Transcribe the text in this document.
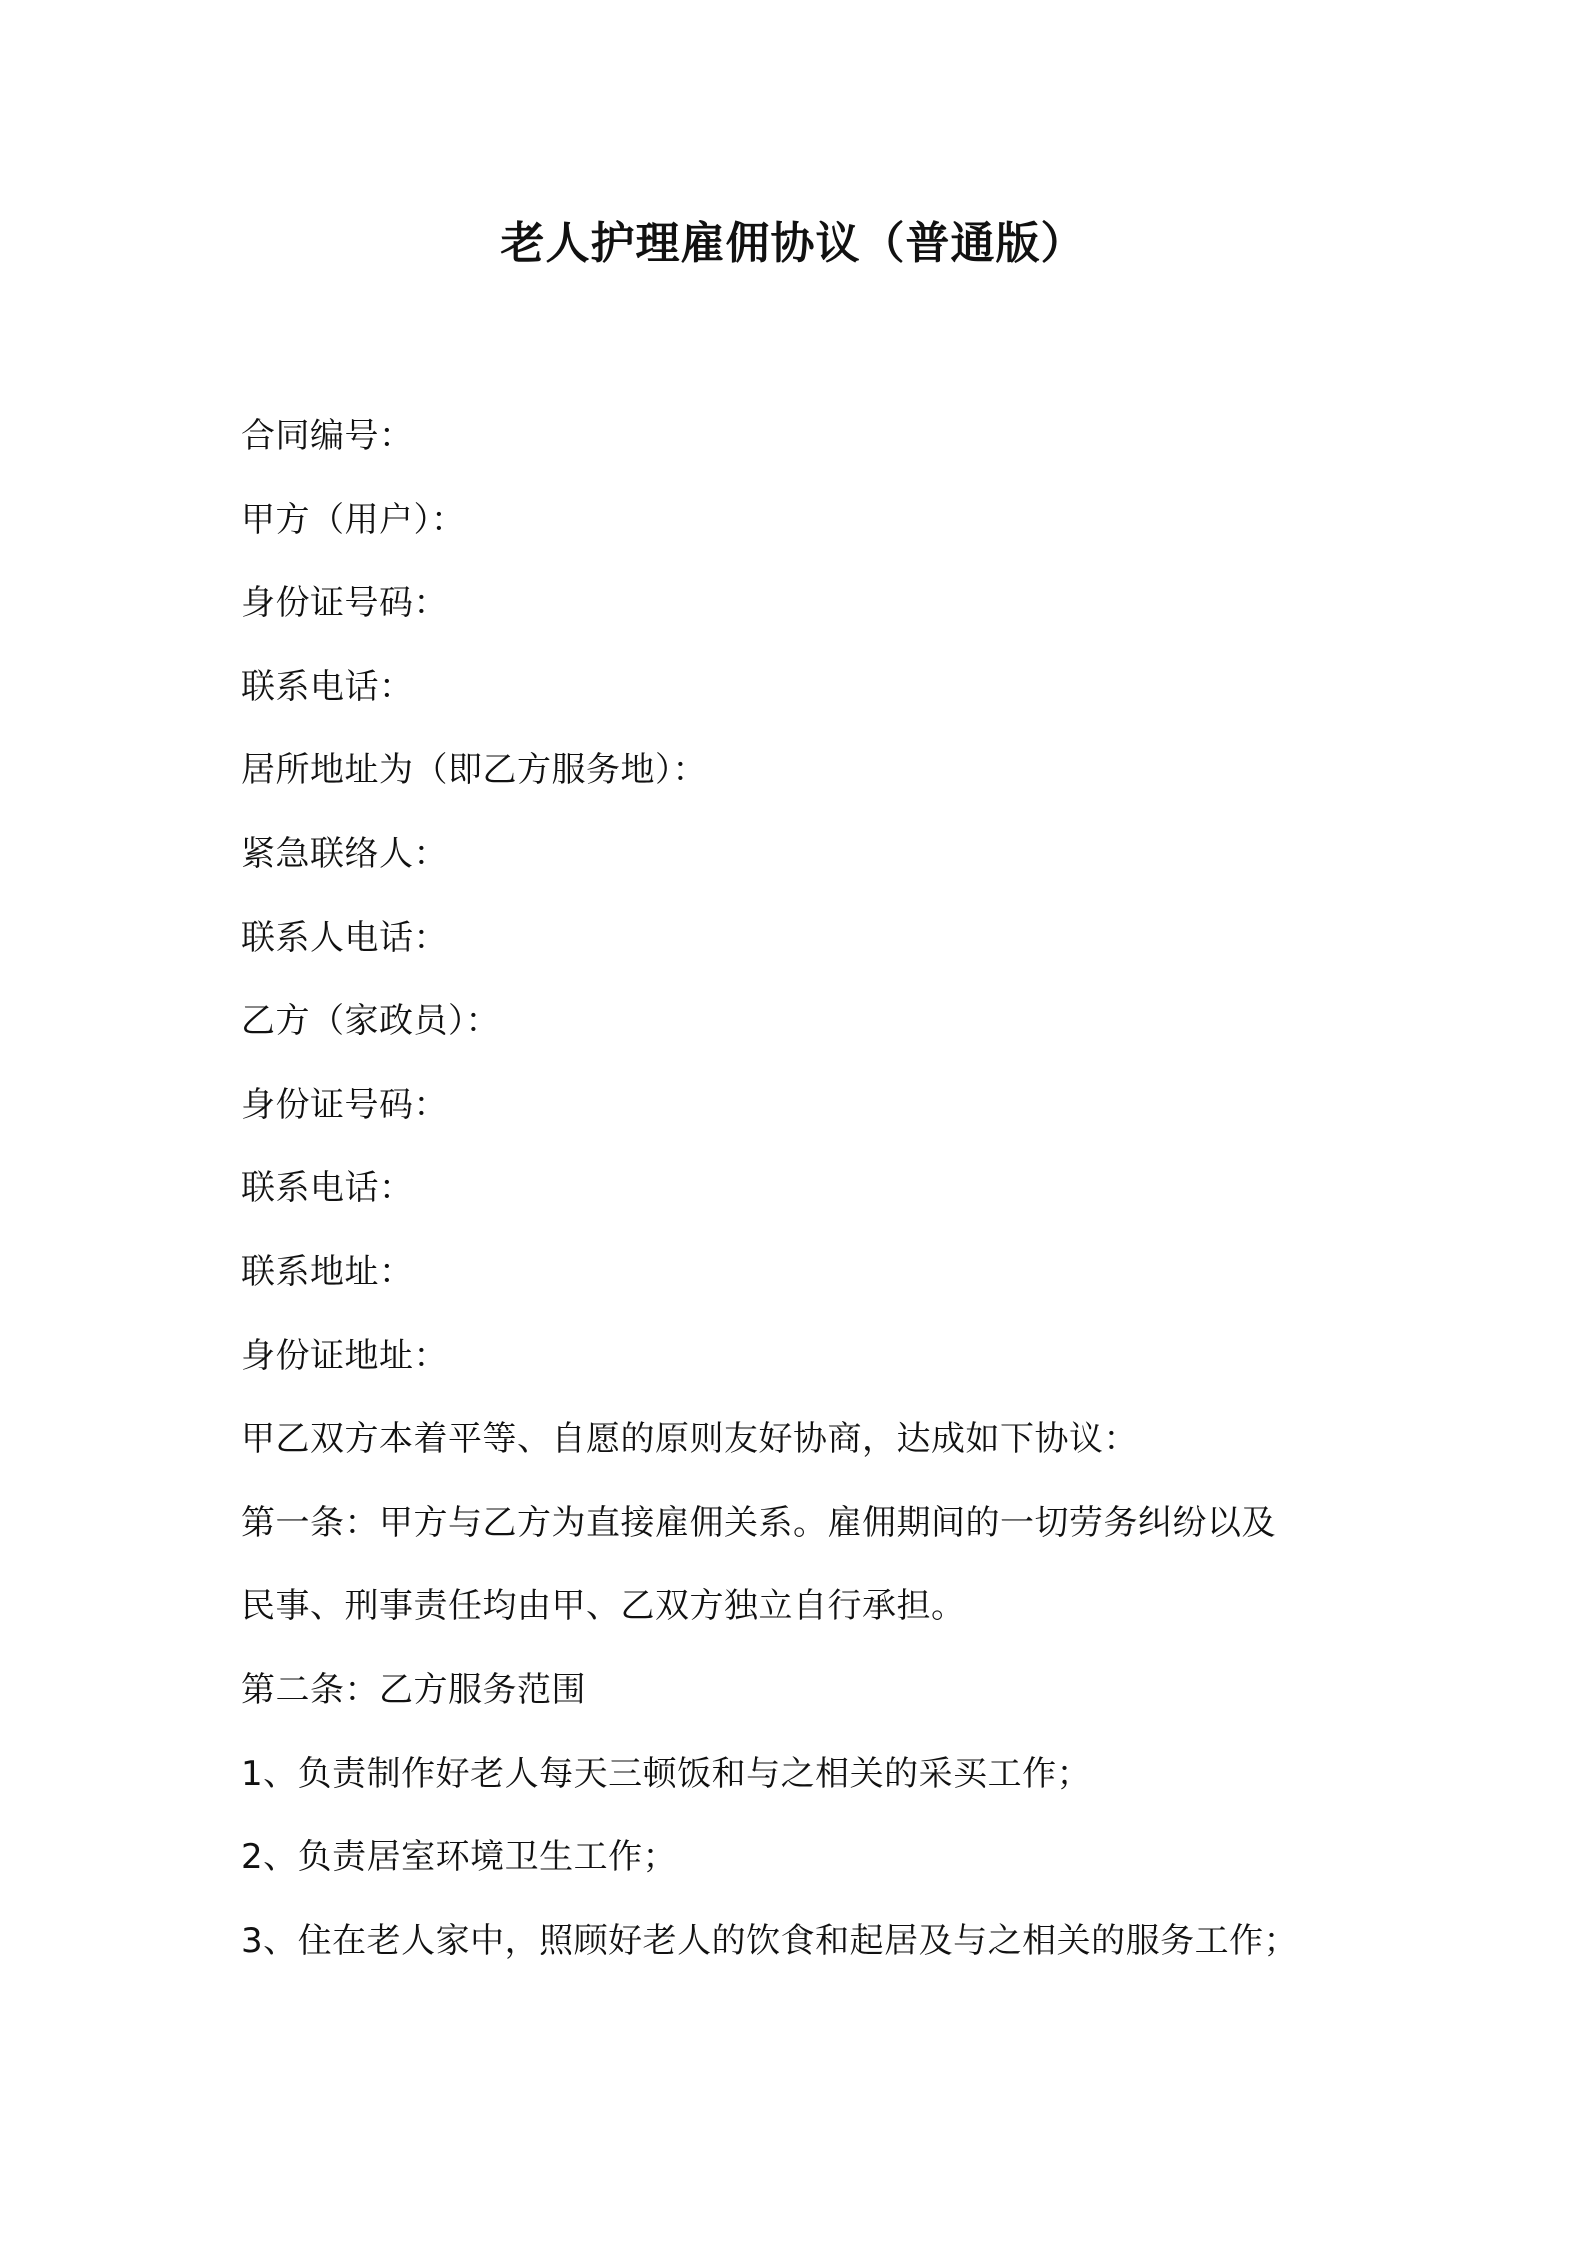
老人护理雇佣协议（普通版）
合同编号：
甲方（用户）：
身份证号码：
联系电话：
居所地址为（即乙方服务地）：
紧急联络人：
联系人电话：
乙方（家政员）：
身份证号码：
联系电话：
联系地址：
身份证地址：
甲乙双方本着平等、自愿的原则友好协商，达成如下协议：
第一条：甲方与乙方为直接雇佣关系。雇佣期间的一切劳务纠纷以及
民事、刑事责任均由甲、乙双方独立自行承担。
第二条：乙方服务范围
1、负责制作好老人每天三顿饭和与之相关的采买工作；
2、负责居室环境卫生工作；
3、住在老人家中，照顾好老人的饮食和起居及与之相关的服务工作；
